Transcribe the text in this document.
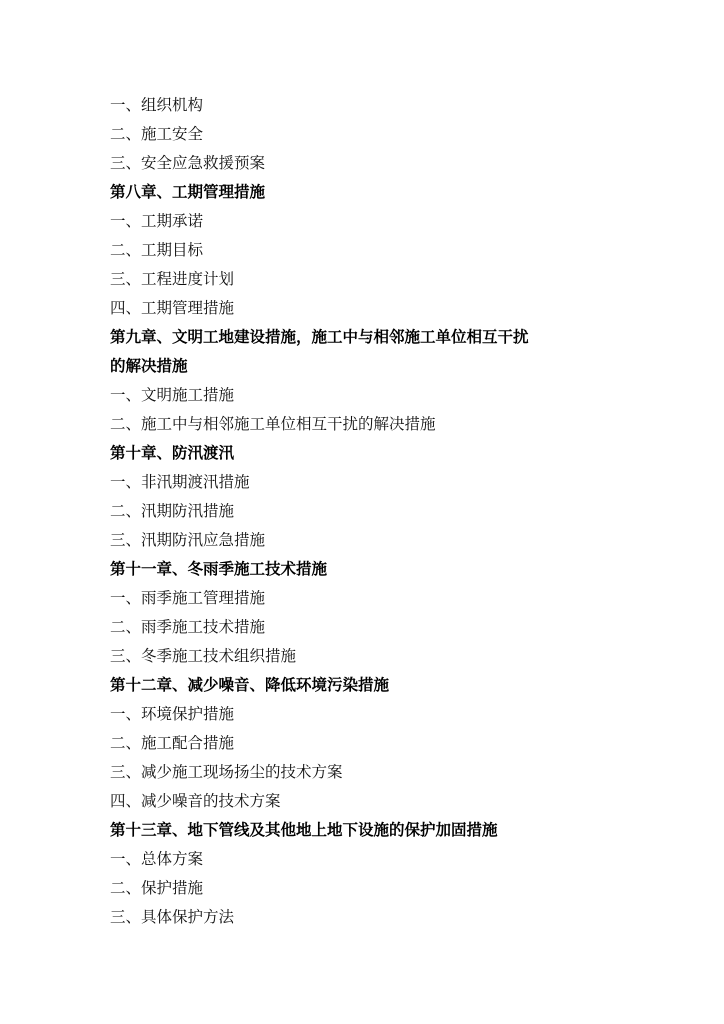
一、组织机构
二、施工安全
三、安全应急救援预案
第八章、工期管理措施
一、工期承诺
二、工期目标
三、工程进度计划
四、工期管理措施
第九章、文明工地建设措施，施工中与相邻施工单位相互干扰
的解决措施
一、文明施工措施
二、施工中与相邻施工单位相互干扰的解决措施
第十章、防汛渡汛
一、非汛期渡汛措施
二、汛期防汛措施
三、汛期防汛应急措施
第十一章、冬雨季施工技术措施
一、雨季施工管理措施
二、雨季施工技术措施
三、冬季施工技术组织措施
第十二章、减少噪音、降低环境污染措施
一、环境保护措施
二、施工配合措施
三、减少施工现场扬尘的技术方案
四、减少噪音的技术方案
第十三章、地下管线及其他地上地下设施的保护加固措施
一、总体方案
二、保护措施
三、具体保护方法
